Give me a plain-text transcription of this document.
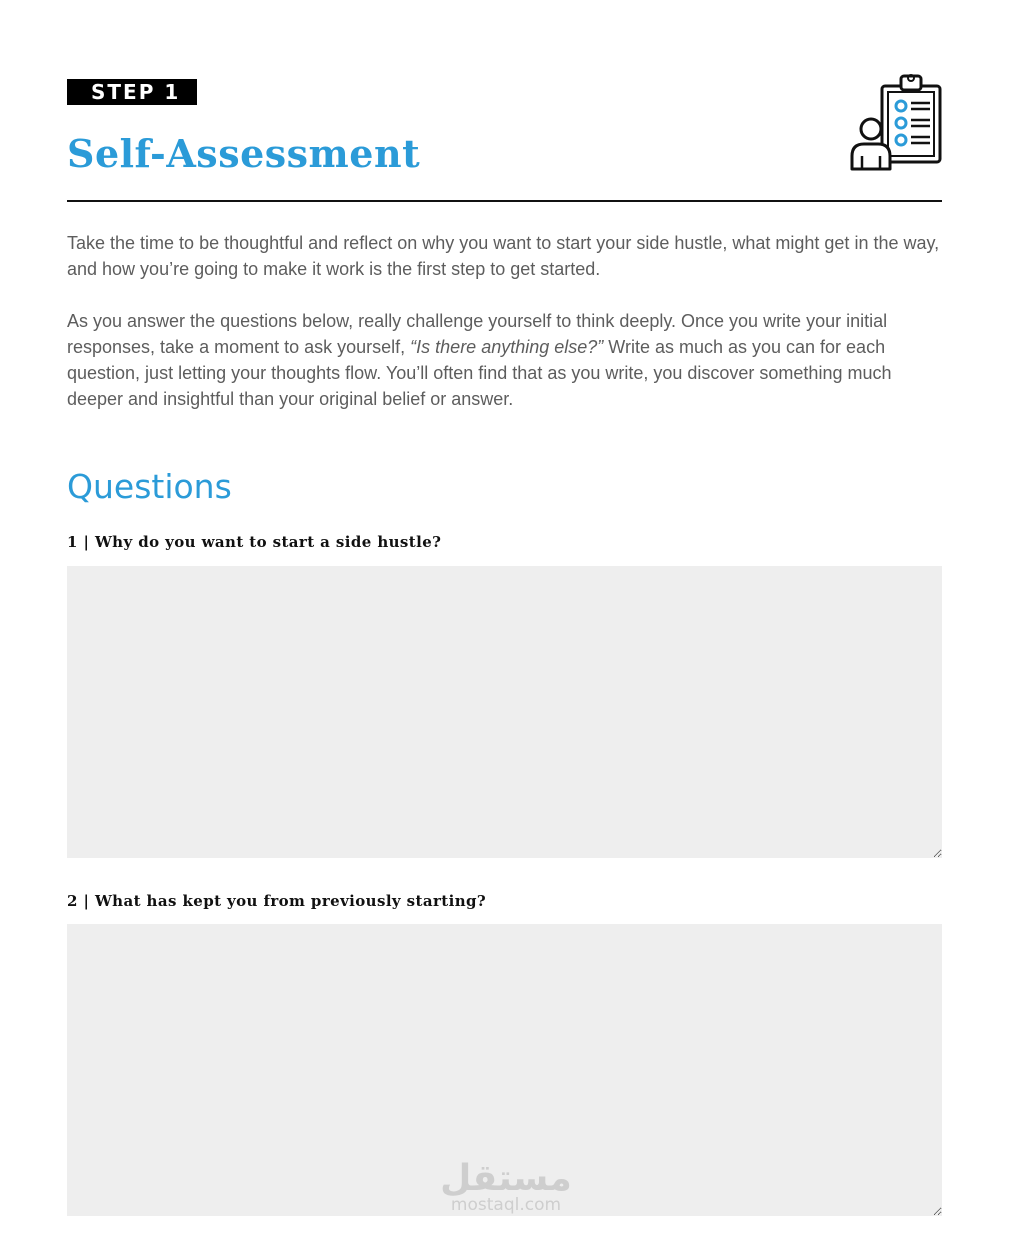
STEP 1
Self-Assessment

Take the time to be thoughtful and reflect on why you want to start your side hustle, what might get in the way, and how you’re going to make it work is the first step to get started.

As you answer the questions below, really challenge yourself to think deeply. Once you write your initial responses, take a moment to ask yourself, “Is there anything else?” Write as much as you can for each question, just letting your thoughts flow. You’ll often find that as you write, you discover something much deeper and insightful than your original belief or answer.

Questions

1 | Why do you want to start a side hustle?

2 | What has kept you from previously starting?

مستقل
mostaql.com
